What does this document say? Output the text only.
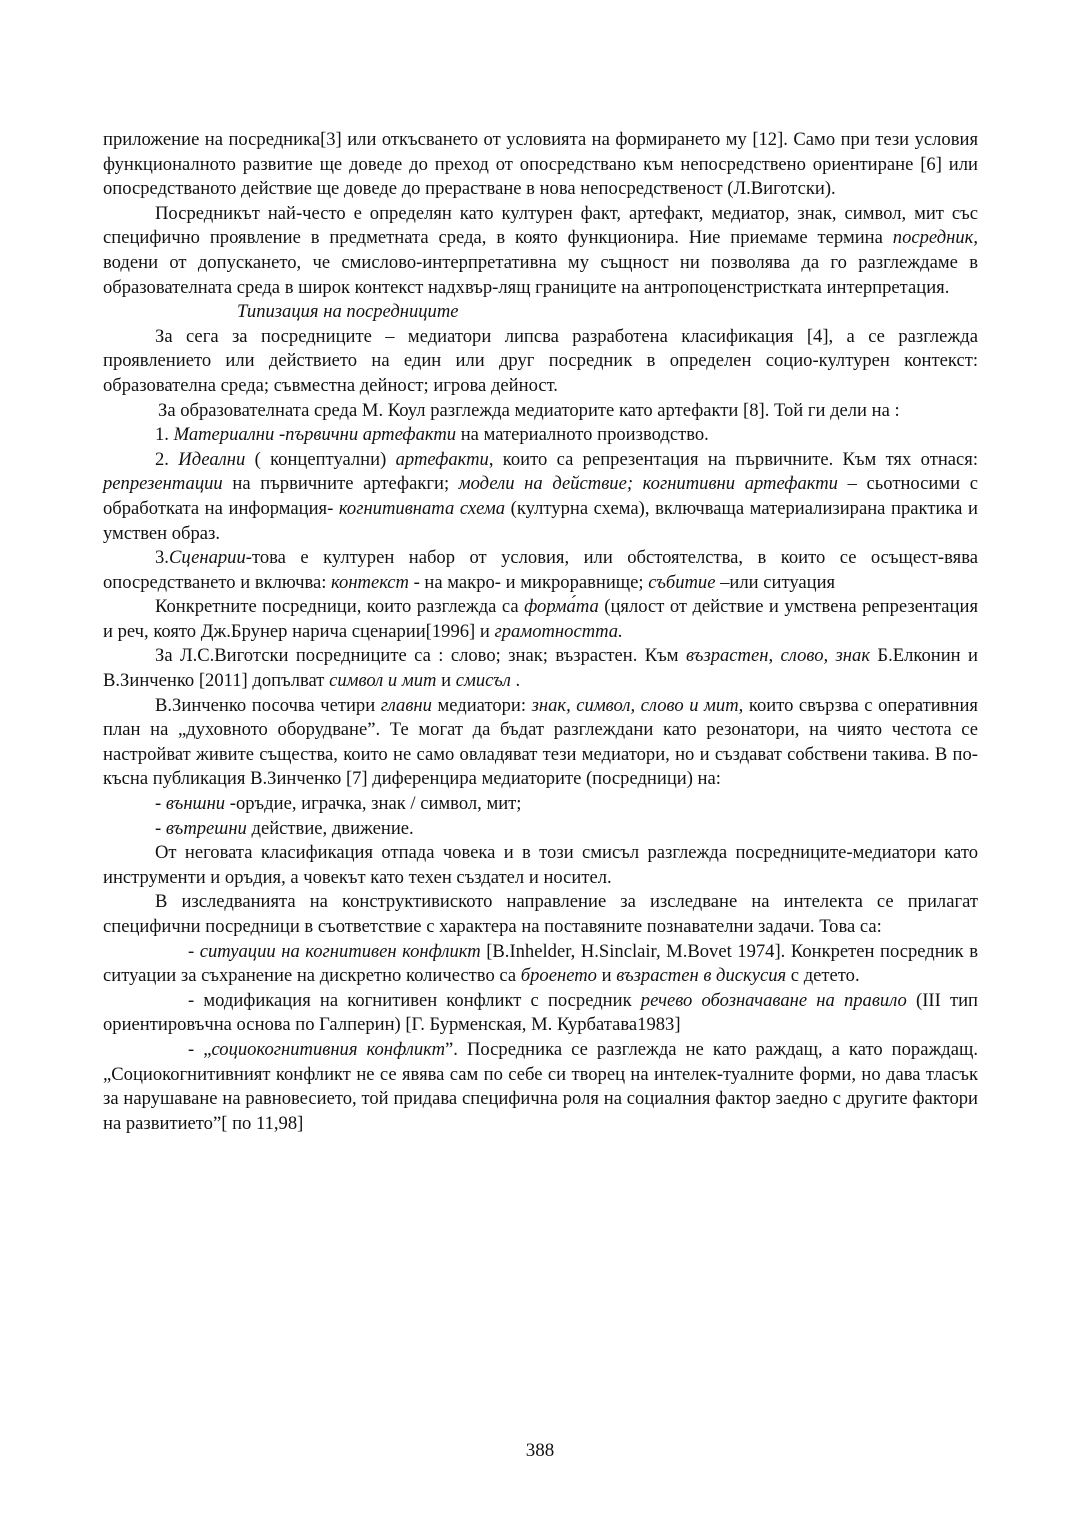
приложение на посредника[3] или откъсването от условията на формирането му [12]. Само при тези условия функционалното развитие ще доведе до преход от опосредствано към непосредствено ориентиране [6] или опосредстваното действие ще доведе до прерастване в нова непосредственост (Л.Виготски).

Посредникът най-често е определян като културен факт, артефакт, медиатор, знак, символ, мит със специфично проявление в предметната среда, в която функционира. Ние приемаме термина посредник, водени от допускането, че смислово-интерпретативна му същност ни позволява да го разглеждаме в образователната среда в широк контекст надхвър-лящ границите на антропоценстристката интерпретация.

Типизация на посредниците

За сега за посредниците – медиатори липсва разработена класификация [4], а се разглежда проявлението или действието на един или друг посредник в определен социо-културен контекст: образователна среда; съвместна дейност; игрова дейност.

За образователната среда М. Коул разглежда медиаторите като артефакти [8]. Той ги дели на :

1. Материални -първични артефакти на материалното производство.

2. Идеални ( концептуални) артефакти, които са репрезентация на първичните. Към тях отнася: репрезентации на първичните артефакги; модели на действие; когнитивни артефакти – сьотносими с обработката на информация- когнитивната схема (културна схема), включваща материализирана практика и умствен образ.

3.Сценарии-това е културен набор от условия, или обстоятелства, в които се осъщест-вява опосредстването и включва: контекст - на макро- и микроравнище; събитие –или ситуация

Конкретните посредници, които разглежда са форма́та (цялост от действие и умствена репрезентация и реч, която Дж.Брунер нарича сценарии[1996] и грамотността.

За Л.С.Виготски посредниците са : слово; знак; възрастен. Към възрастен, слово, знак Б.Елконин и В.Зинченко [2011] допълват символ и мит и смисъл .

В.Зинченко посочва четири главни медиатори: знак, символ, слово и мит, които свързва с оперативния план на „духовното оборудване”. Те могат да бъдат разглеждани като резонатори, на чиято честота се настройват живите същества, които не само овладяват тези медиатори, но и създават собствени такива. В по- късна публикация В.Зинченко [7] диференцира медиаторите (посредници) на:

- външни -оръдие, играчка, знак / символ, мит;

- вътрешни действие, движение.

От неговата класификация отпада човека и в този смисъл разглежда посредниците-медиатори като инструменти и оръдия, а човекът като техен създател и носител.

В изследванията на конструктивиското направление за изследване на интелекта се прилагат специфични посредници в съответствие с характера на поставяните познавателни задачи. Това са:

- ситуации на когнитивен конфликт [B.Inhelder, H.Sinclair, M.Bovet 1974]. Конкретен посредник в ситуации за съхранение на дискретно количество са броенето и възрастен в дискусия с детето.

- модификация на когнитивен конфликт с посредник речево обозначаване на правило (III тип ориентировъчна основа по Галперин) [Г. Бурменская, М. Курбатава1983]

- „социокогнитивния конфликт”. Посредника се разглежда не като раждащ, а като пораждащ. „Социокогнитивният конфликт не се явява сам по себе си творец на интелек-туалните форми, но дава тласък за нарушаване на равновесието, той придава специфична роля на социалния фактор заедно с другите фактори на развитието”[ по 11,98]

388
